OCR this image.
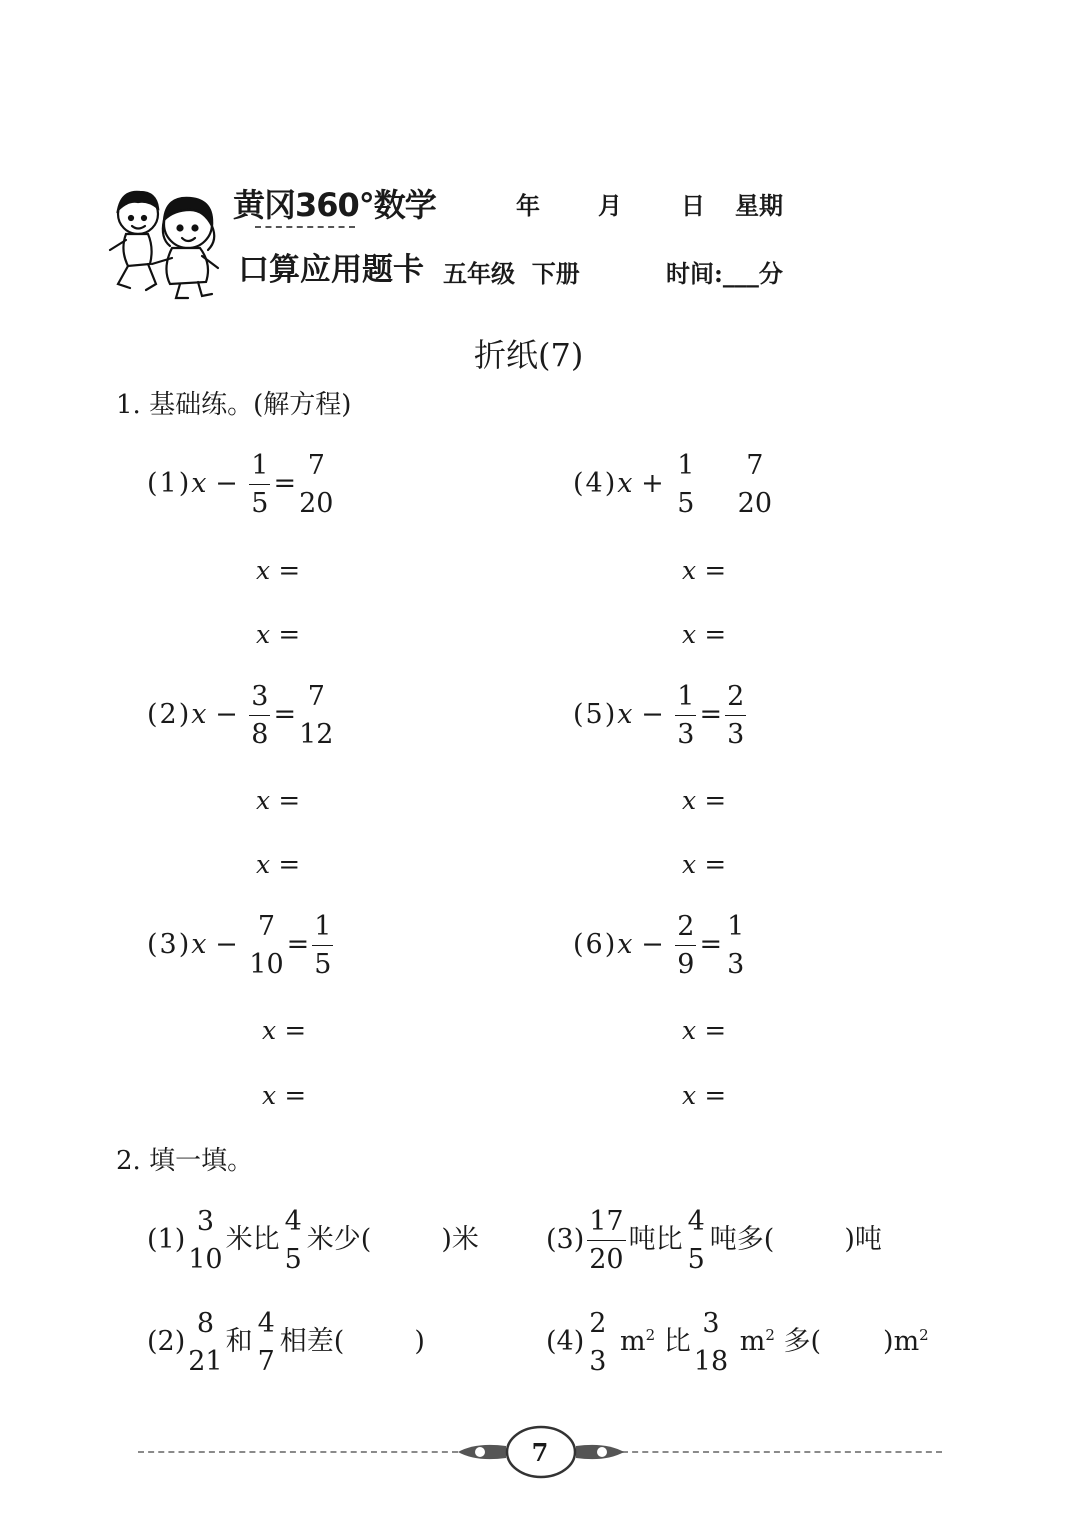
黄冈360°数学
口算应用题卡
年 月 日 星期
五年级  下册	时间:___分
折纸(7)
1. 基础练。(解方程)
$(1)x - \frac{1}{5}$ =
7
20
(4)x +
1
5

7
20
x =
x =
x =
x =
$(2)x - \frac{3}{8}$ =
7
12
$(5)x - \frac{1}{3} = \frac{2}{3}$
x =
x =
x =
x =
(3)x −
7
10
= $\frac{1}{5}$	$(6)x - \frac{2}{9}$ =
1
3
x =
x =
x =
x =
2. 填一填。
(1)
3
10
米比
4
5
米少(	)米 $(3) \frac{17}{20}$ 吨比
4
5
吨多(	)吨
(2)
8
21
和
4
7
相差(	)	(4)
2
3
$m^2$ 比
3
18
$m^2$ 多( )$m^2$
7
